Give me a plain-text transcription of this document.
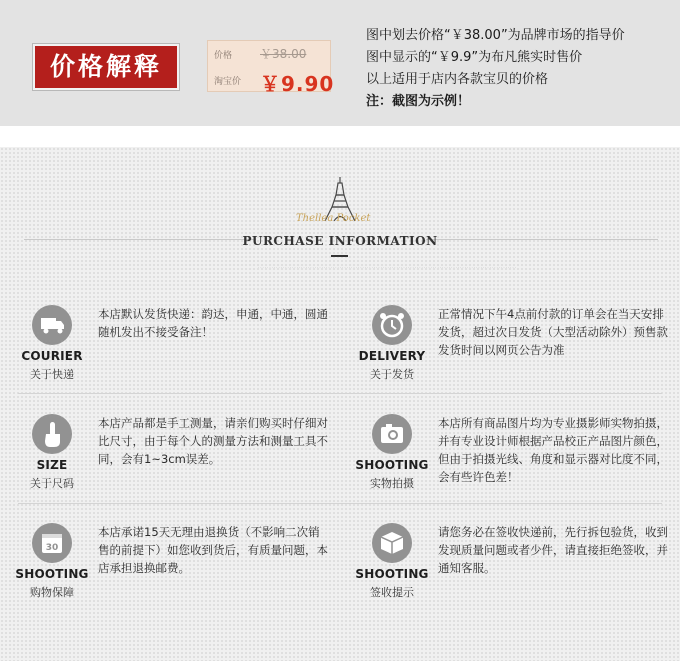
价格解释	价格 ￥38.00
淘宝价 ￥9.90
图中划去价格“￥38.00”为品牌市场的指导价
图中显示的“￥9.9”为布凡熊实时售价
以上适用于店内各款宝贝的价格
注：截图为示例！
Thellea Pocket
PURCHASE INFORMATION
..................................................................................................................
COURIER
关于快递
本店默认发货快递：韵达，申通，中通，圆通随机发出不接受备注！
DELIVERY
关于发货
正常情况下午4点前付款的订单会在当天安排发货，超过次日发货（大型活动除外）预售款发货时间以网页公告为准
SIZE
关于尺码
本店产品都是手工测量，请亲们购买时仔细对比尺寸，由于每个人的测量方法和测量工具不同，会有1~3cm误差。	SHOOTING
实物拍摄
本店所有商品图片均为专业摄影师实物拍摄，并有专业设计师根据产品校正产品图片颜色，但由于拍摄光线、角度和显示器对比度不同，会有些许色差！
30
SHOOTING
购物保障
本店承诺15天无理由退换货（不影响二次销售的前提下）如您收到货后，有质量问题，本店承担退换邮费。	SHOOTING
签收提示
请您务必在签收快递前，先行拆包验货，收到发现质量问题或者少件，请直接拒绝签收，并通知客服。
